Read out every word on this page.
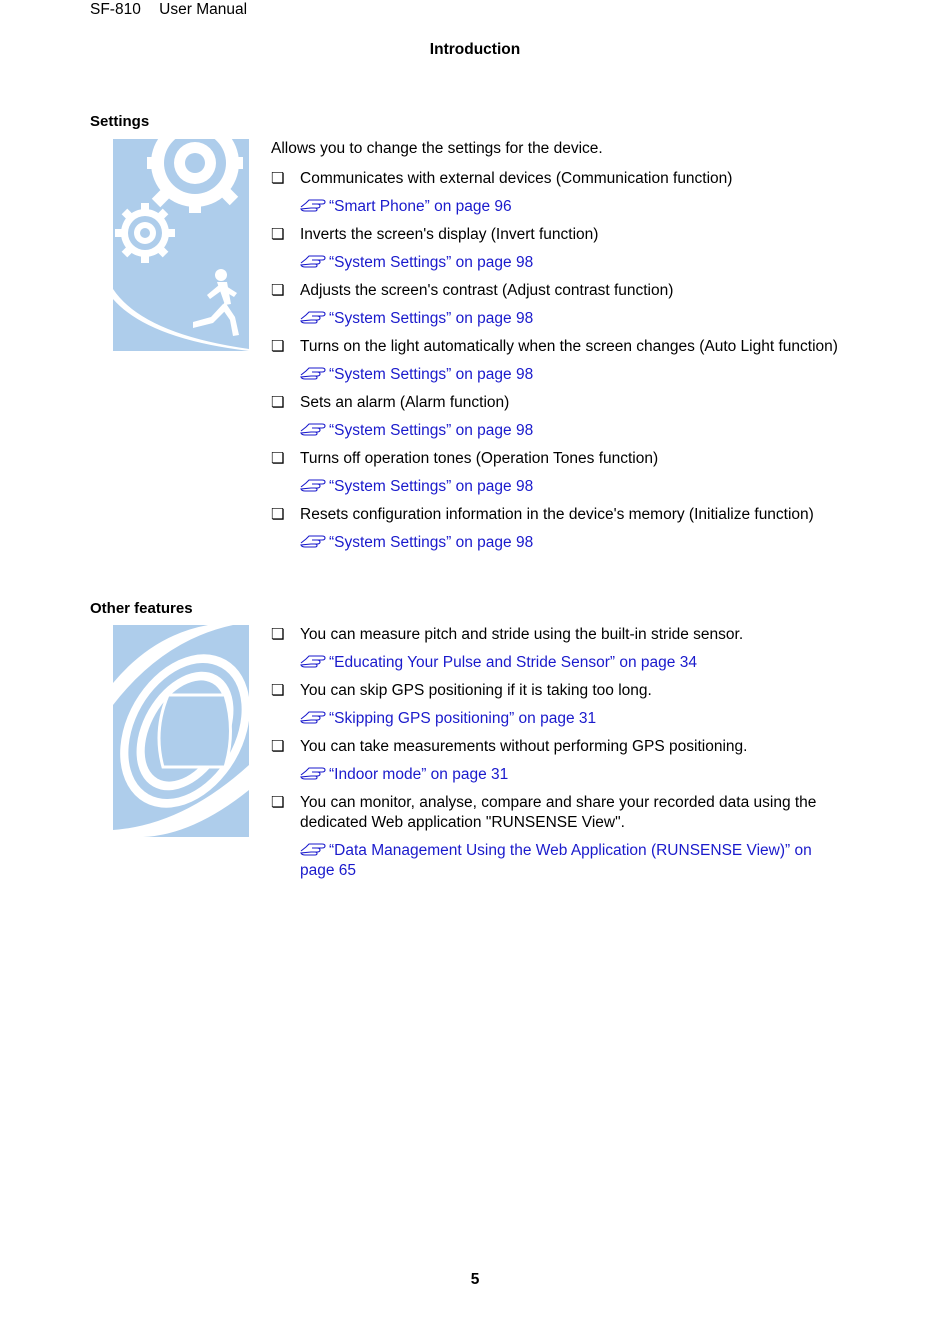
SF-810 User Manual
Introduction
Settings
Allows you to change the settings for the device.
❏ Communicates with external devices (Communication function)
“Smart Phone” on page 96
❏ Inverts the screen's display (Invert function)
“System Settings” on page 98
❏ Adjusts the screen's contrast (Adjust contrast function)
“System Settings” on page 98
❏ Turns on the light automatically when the screen changes (Auto Light function)
“System Settings” on page 98
❏ Sets an alarm (Alarm function)
“System Settings” on page 98
❏ Turns off operation tones (Operation Tones function)
“System Settings” on page 98
❏ Resets configuration information in the device's memory (Initialize function)
“System Settings” on page 98
Other features
❏ You can measure pitch and stride using the built-in stride sensor.
“Educating Your Pulse and Stride Sensor” on page 34
❏ You can skip GPS positioning if it is taking too long.
“Skipping GPS positioning” on page 31
❏ You can take measurements without performing GPS positioning.
“Indoor mode” on page 31
❏ You can monitor, analyse, compare and share your recorded data using the dedicated Web application "RUNSENSE View".
“Data Management Using the Web Application (RUNSENSE View)” on page 65
5
